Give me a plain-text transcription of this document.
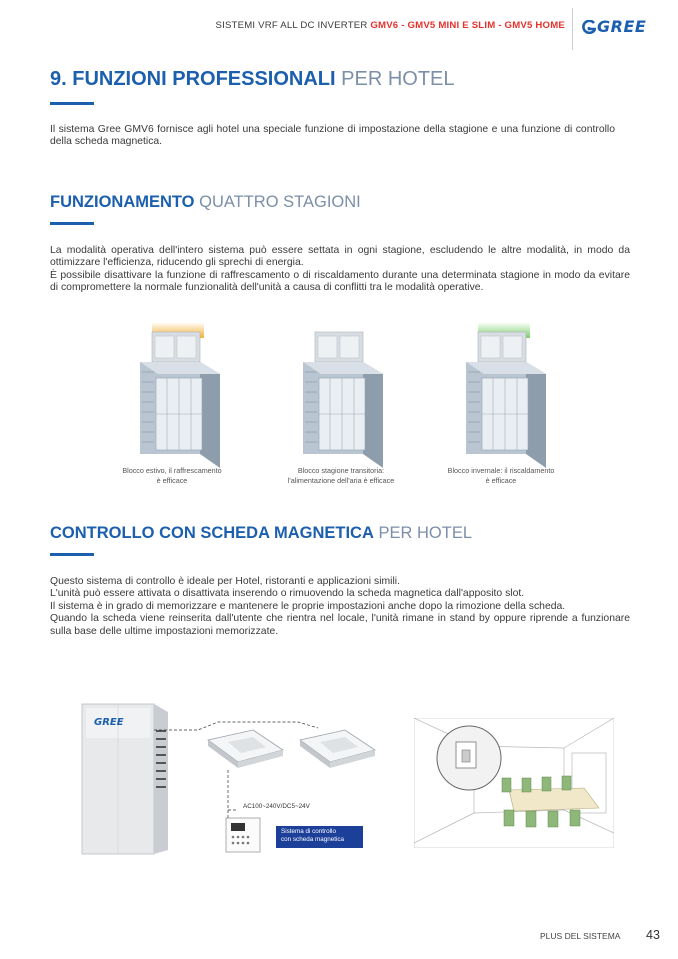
SISTEMI VRF ALL DC INVERTER GMV6 - GMV5 MINI E SLIM - GMV5 HOME GREE
9. FUNZIONI PROFESSIONALI PER HOTEL
Il sistema Gree GMV6 fornisce agli hotel una speciale funzione di impostazione della stagione e una funzione di controllo della scheda magnetica.
FUNZIONAMENTO QUATTRO STAGIONI

La modalità operativa dell'intero sistema può essere settata in ogni stagione, escludendo le altre modalità, in modo da ottimizzare l'efficienza, riducendo gli sprechi di energia.

È possibile disattivare la funzione di raffrescamento o di riscaldamento durante una determinata stagione in modo da evitare di compromettere la normale funzionalità dell'unità a causa di conflitti tra le modalità operative.

Blocco estivo, il raffrescamento
è efficace
Blocco stagione transitoria:
l'alimentazione dell'aria è efficace
Blocco invernale: il riscaldamento
è efficace
CONTROLLO CON SCHEDA MAGNETICA PER HOTEL

Questo sistema di controllo è ideale per Hotel, ristoranti e applicazioni simili.

L'unità può essere attivata o disattivata inserendo o rimuovendo la scheda magnetica dall'apposito slot.

Il sistema è in grado di memorizzare e mantenere le proprie impostazioni anche dopo la rimozione della scheda.

Quando la scheda viene reinserita dall'utente che rientra nel locale, l'unità rimane in stand by oppure riprende a funzionare sulla base delle ultime impostazioni memorizzate.

GREE
AC100~240V/DC5~24V
Sistema di controllo
con scheda magnetica
PLUS DEL SISTEMA 43
